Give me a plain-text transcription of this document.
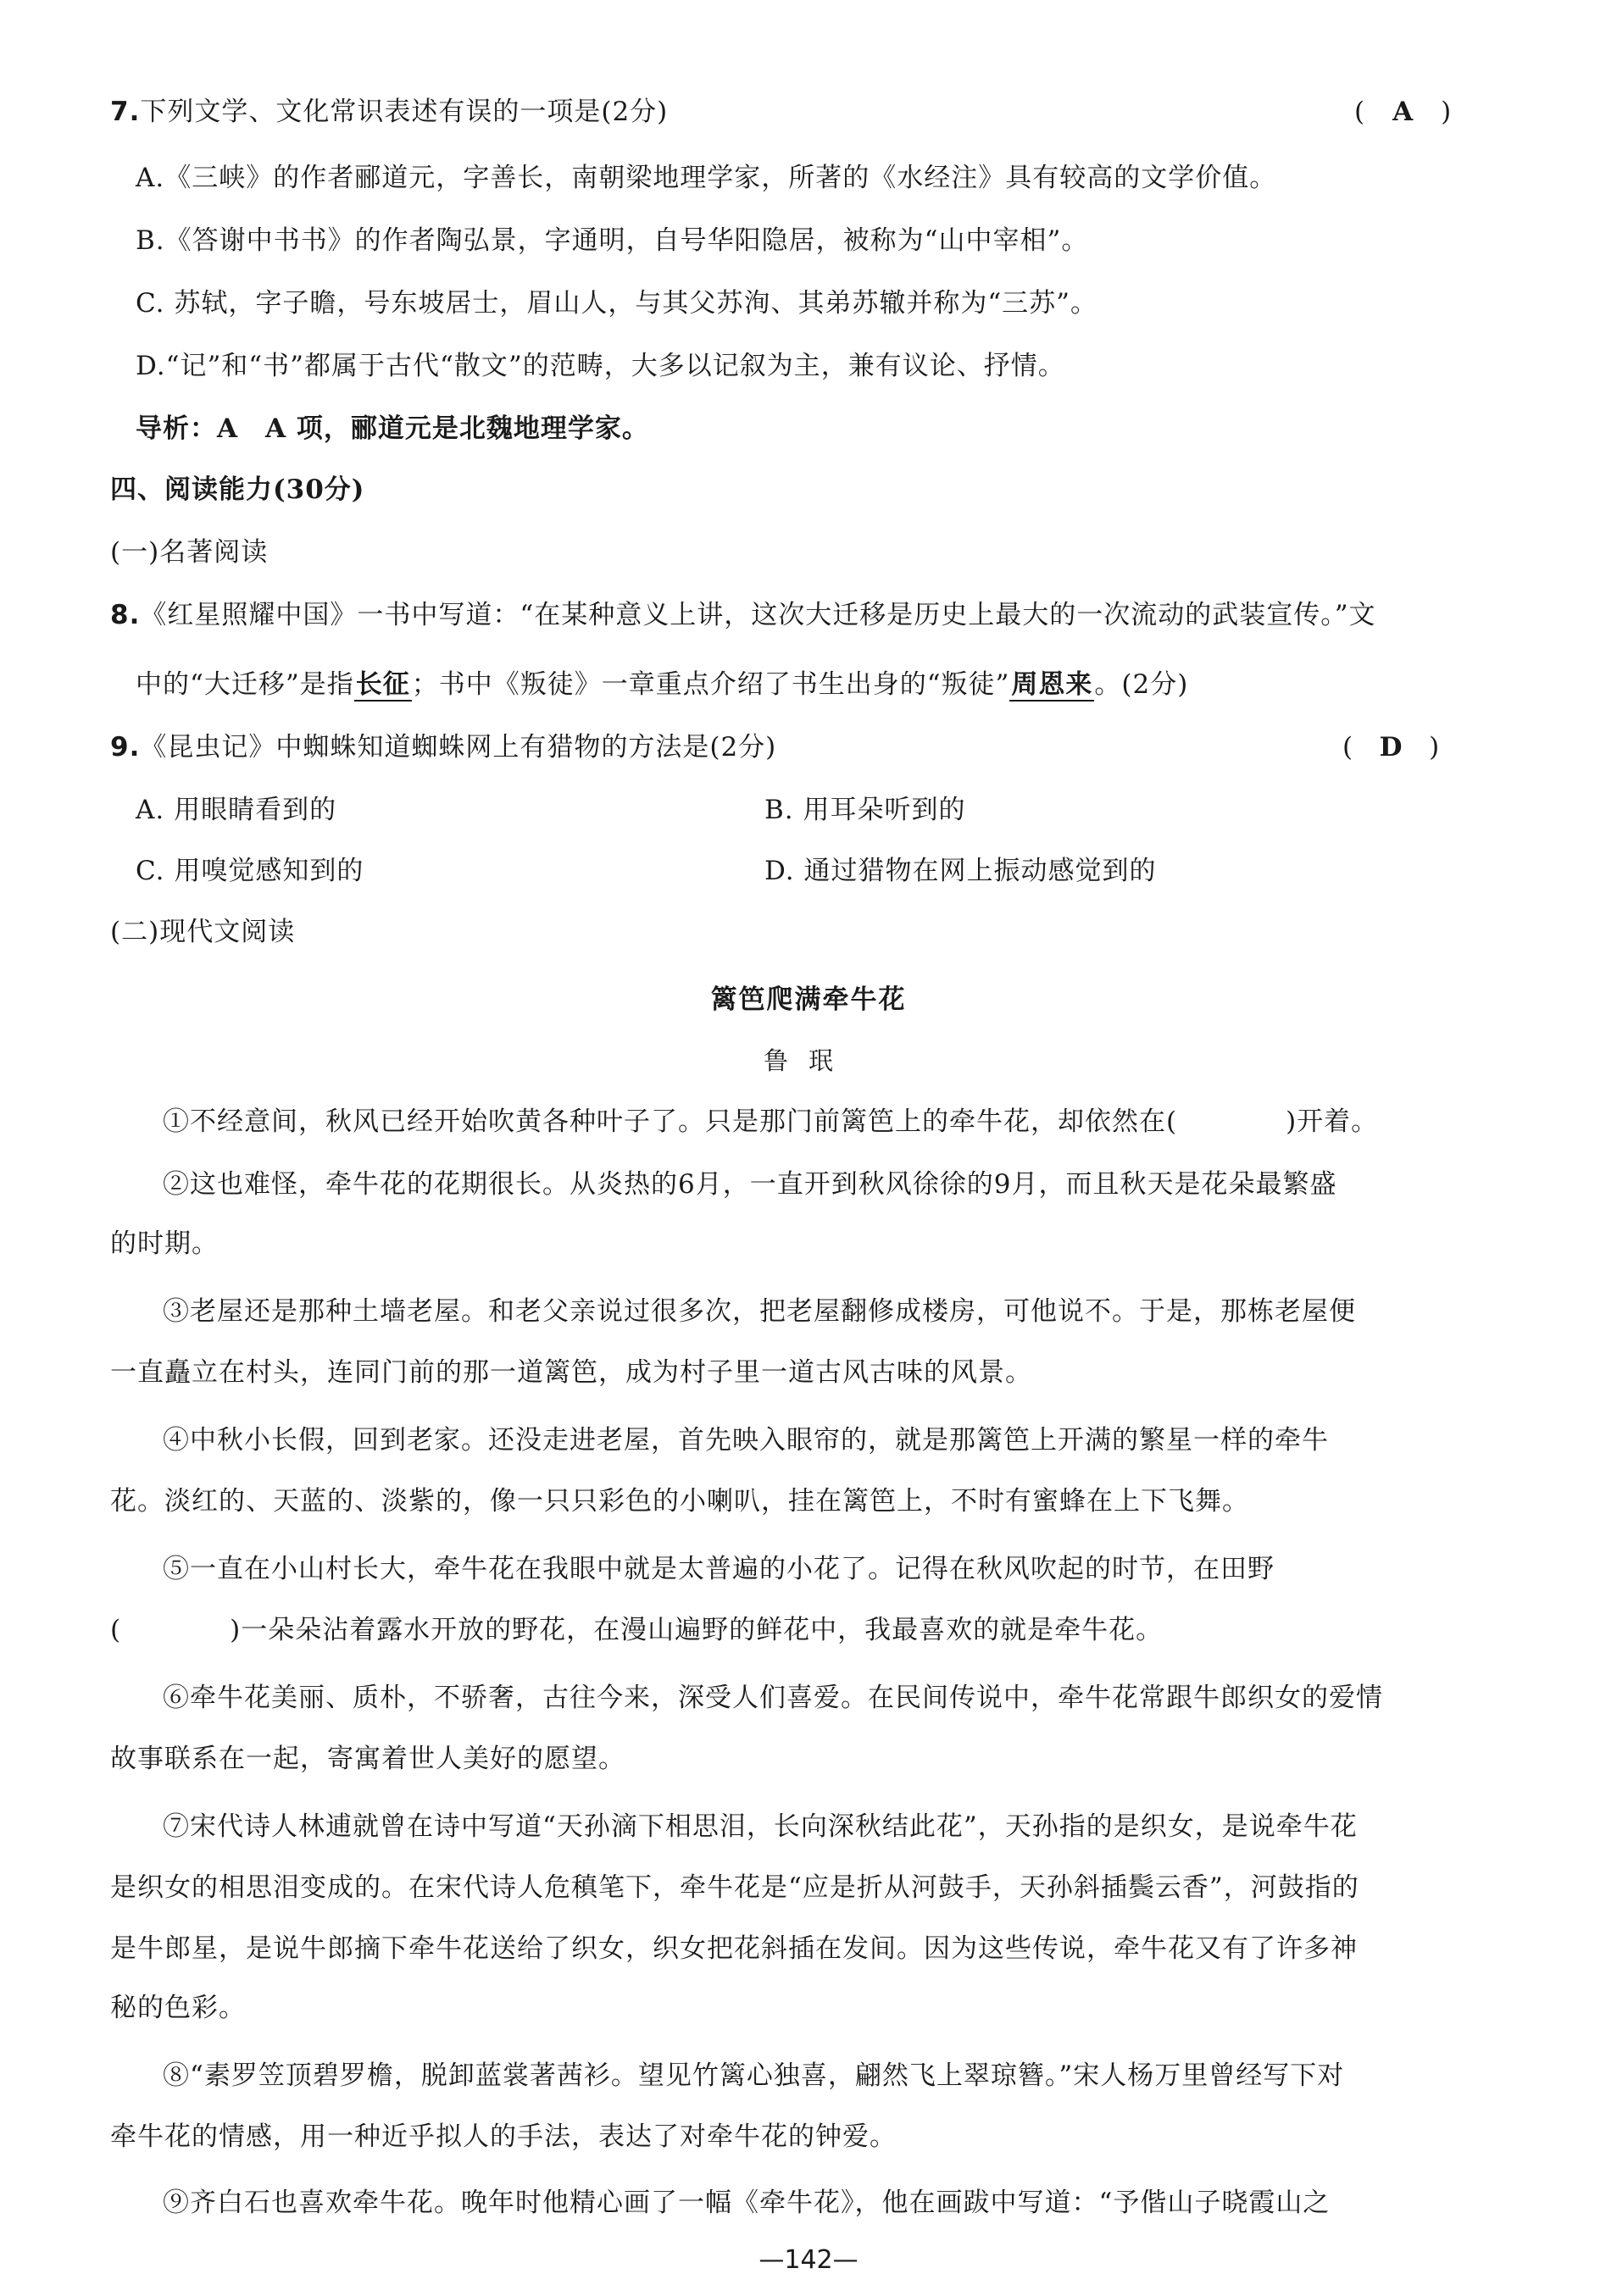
7.下列文学、文化常识表述有误的一项是(2分)	( A )
A.《三峡》的作者郦道元，字善长，南朝梁地理学家，所著的《水经注》具有较高的文学价值。
B.《答谢中书书》的作者陶弘景，字通明，自号华阳隐居，被称为“山中宰相”。
C. 苏轼，字子瞻，号东坡居士，眉山人，与其父苏洵、其弟苏辙并称为“三苏”。
D.“记”和“书”都属于古代“散文”的范畴，大多以记叙为主，兼有议论、抒情。
导析：A　A 项，郦道元是北魏地理学家。
四、阅读能力(30分)
(一)名著阅读
8.《红星照耀中国》一书中写道：“在某种意义上讲，这次大迁移是历史上最大的一次流动的武装宣传。”文
中的“大迁移”是指长征；书中《叛徒》一章重点介绍了书生出身的“叛徒”周恩来。(2分)
9.《昆虫记》中蜘蛛知道蜘蛛网上有猎物的方法是(2分)	( D )
A. 用眼睛看到的	B. 用耳朵听到的
C. 用嗅觉感知到的	D. 通过猎物在网上振动感觉到的
(二)现代文阅读
篱笆爬满牵牛花
鲁珉
①不经意间，秋风已经开始吹黄各种叶子了。只是那门前篱笆上的牵牛花，却依然在(　　　　)开着。
②这也难怪，牵牛花的花期很长。从炎热的6月，一直开到秋风徐徐的9月，而且秋天是花朵最繁盛
的时期。
③老屋还是那种土墙老屋。和老父亲说过很多次，把老屋翻修成楼房，可他说不。于是，那栋老屋便
一直矗立在村头，连同门前的那一道篱笆，成为村子里一道古风古味的风景。
④中秋小长假，回到老家。还没走进老屋，首先映入眼帘的，就是那篱笆上开满的繁星一样的牵牛
花。淡红的、天蓝的、淡紫的，像一只只彩色的小喇叭，挂在篱笆上，不时有蜜蜂在上下飞舞。
⑤一直在小山村长大，牵牛花在我眼中就是太普遍的小花了。记得在秋风吹起的时节，在田野
(　　　　)一朵朵沾着露水开放的野花，在漫山遍野的鲜花中，我最喜欢的就是牵牛花。
⑥牵牛花美丽、质朴，不骄奢，古往今来，深受人们喜爱。在民间传说中，牵牛花常跟牛郎织女的爱情
故事联系在一起，寄寓着世人美好的愿望。
⑦宋代诗人林逋就曾在诗中写道“天孙滴下相思泪，长向深秋结此花”，天孙指的是织女，是说牵牛花
是织女的相思泪变成的。在宋代诗人危稹笔下，牵牛花是“应是折从河鼓手，天孙斜插鬓云香”，河鼓指的
是牛郎星，是说牛郎摘下牵牛花送给了织女，织女把花斜插在发间。因为这些传说，牵牛花又有了许多神
秘的色彩。
⑧“素罗笠顶碧罗檐，脱卸蓝裳著茜衫。望见竹篱心独喜，翩然飞上翠琼簪。”宋人杨万里曾经写下对
牵牛花的情感，用一种近乎拟人的手法，表达了对牵牛花的钟爱。
⑨齐白石也喜欢牵牛花。晚年时他精心画了一幅《牵牛花》，他在画跋中写道：“予偕山子晓霞山之
—142—
